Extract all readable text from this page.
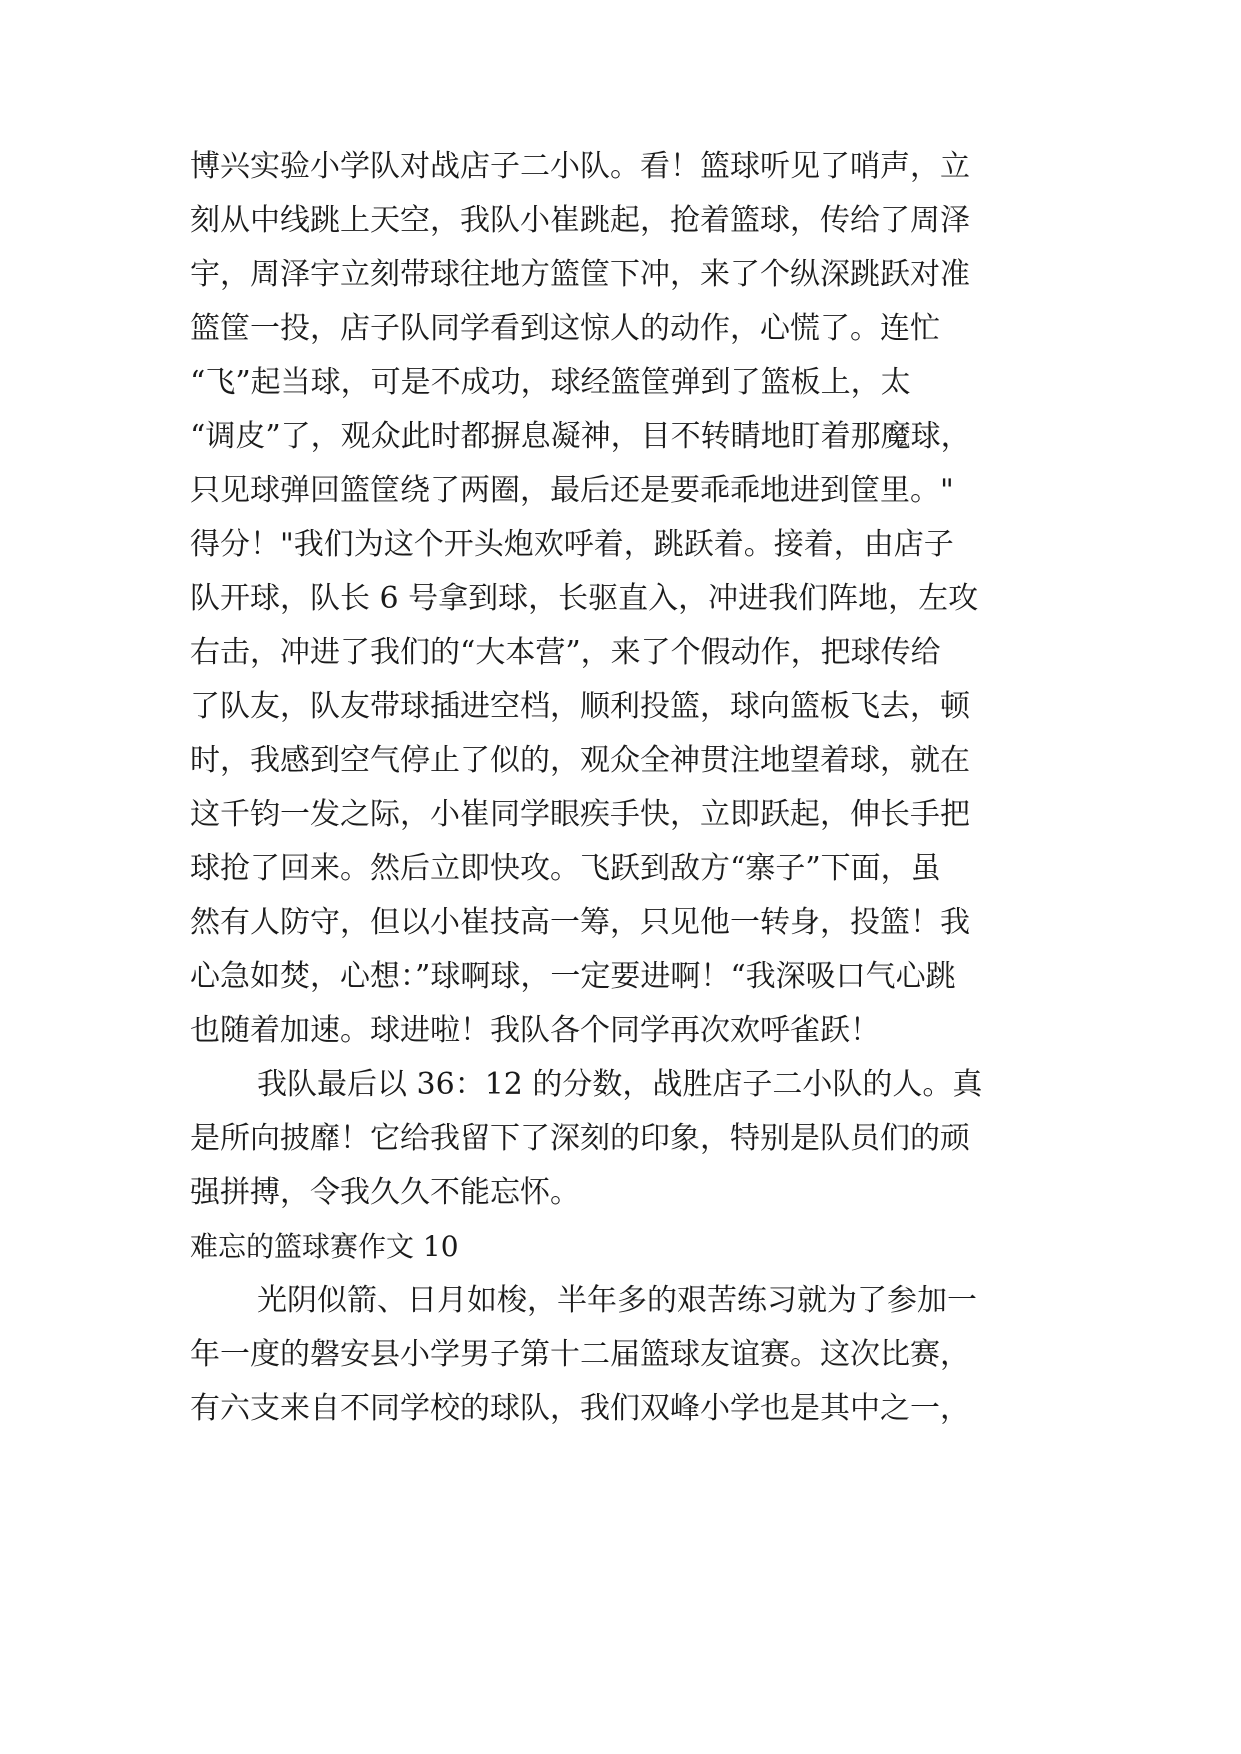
博兴实验小学队对战店子二小队。看！篮球听见了哨声，立
刻从中线跳上天空，我队小崔跳起，抢着篮球，传给了周泽
宇，周泽宇立刻带球往地方篮筐下冲，来了个纵深跳跃对准
篮筐一投，店子队同学看到这惊人的动作，心慌了。连忙
“飞”起当球，可是不成功，球经篮筐弹到了篮板上，太
“调皮”了，观众此时都摒息凝神，目不转睛地盯着那魔球，
只见球弹回篮筐绕了两圈，最后还是要乖乖地进到筐里。"
得分！"我们为这个开头炮欢呼着，跳跃着。接着，由店子
队开球，队长 6 号拿到球，长驱直入，冲进我们阵地，左攻
右击，冲进了我们的“大本营”，来了个假动作，把球传给
了队友，队友带球插进空档，顺利投篮，球向篮板飞去，顿
时，我感到空气停止了似的，观众全神贯注地望着球，就在
这千钧一发之际，小崔同学眼疾手快，立即跃起，伸长手把
球抢了回来。然后立即快攻。飞跃到敌方“寨子”下面，虽
然有人防守，但以小崔技高一筹，只见他一转身，投篮！我
心急如焚，心想：”球啊球，一定要进啊！“我深吸口气心跳
也随着加速。球进啦！我队各个同学再次欢呼雀跃！
我队最后以 36：12 的分数，战胜店子二小队的人。真
是所向披靡！它给我留下了深刻的印象，特别是队员们的顽
强拼搏，令我久久不能忘怀。
难忘的篮球赛作文 10
光阴似箭、日月如梭，半年多的艰苦练习就为了参加一
年一度的磐安县小学男子第十二届篮球友谊赛。这次比赛，
有六支来自不同学校的球队，我们双峰小学也是其中之一，
